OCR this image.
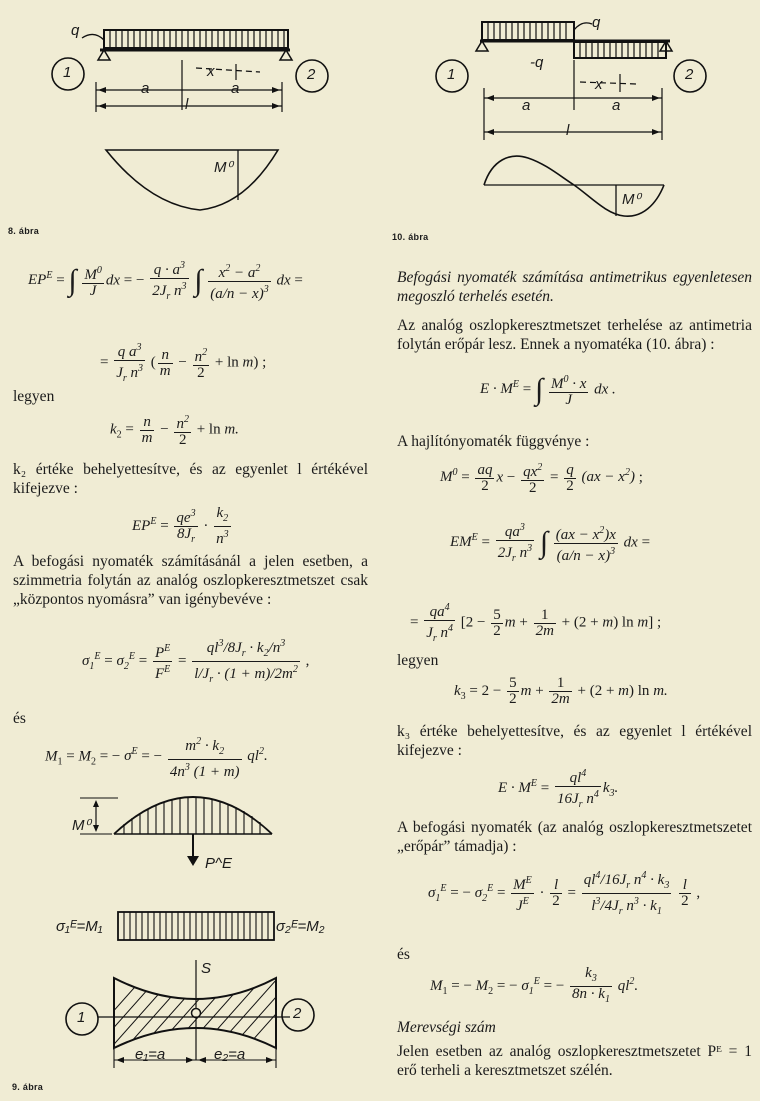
q
x
a	a
l
1	2
M⁰
8. ábra
q
-q
x
a	a
l
1	2
M⁰
10. ábra
$EP^E$ = ∫ $\frac{M^0}{J}$ dx = − $\frac{q \cdot a^3}{2J_r n^3}$ ∫ $\frac{x^2 - a^2}{(a/n - x)^3}$ dx =
= $\frac{q a^3}{J_r n^3}$ ( $\frac{n}{m} - \frac{n^2}{2} + \ln m$) ;
legyen
$k_2 = \frac{n}{m} - \frac{n^2}{2} + \ln m$.
k₂ értéke behelyettesítve, és az egyenlet l értékével kifejezve :
$EP^E = \frac{qe^3}{8J_r} \cdot \frac{k_2}{n^3}$
A befogási nyomaték számításánál a jelen esetben, a szimmetria folytán az analóg oszlopkeresztmetszet csak „központos nyomásra” van igénybevéve :
$\sigma_1^E = \sigma_2^E = \frac{P^E}{F^E} = \frac{ql^3/8J_r \cdot k_2/n^3}{l/J_r \cdot (1 + m)/2m^2}$ ,
és
$M_1 = M_2$ = − $\sigma^E$ = − $\frac{m^2 \cdot k_2}{4n^3 (1 + m)} ql^2$.
M⁰
P^E
σ₁ᴱ=M₁	σ₂ᴱ=M₂
S
1	2
e₁=a	e₂=a
9. ábra
Befogási nyomaték számítása antimetrikus egyenletesen megoszló terhelés esetén.
Az analóg oszlopkeresztmetszet terhelése az antimetria folytán erőpár lesz. Ennek a nyomatéka (10. ábra) :
$E \cdot M^E$ = ∫ $\frac{M^0 \cdot x}{J}$ dx .
A hajlítónyomaték függvénye :
$M^0 = \frac{aq}{2}$ $x - \frac{qx^2}{2} = \frac{q}{2} (ax - x^2)$ ;
$EM^E = \frac{qa^3}{2J_r n^3}$ ∫ $\frac{(ax - x^2)x}{(a/n - x)^3}$ dx =
= $\frac{qa^4}{J_r n^4} [2 - \frac{5}{2}$ $m + \frac{1}{2m} + (2 + m)$ ln m] ;
legyen
$k_3 = 2 - \frac{5}{2}$ $m + \frac{1}{2m} + (2 + m)$ ln m.
k₃ értéke behelyettesítve, és az egyenlet l értékével kifejezve :
$E \cdot M^E = \frac{ql^4}{16J_r n^4} k_3$.
A befogási nyomaték (az analóg oszlopkeresztmetszetet „erőpár” támadja) :
$\sigma_1^E$ = − $\sigma_2^E = \frac{M^E}{J^E} \cdot \frac{l}{2} = \frac{ql^4/16J_r n^4 \cdot k_3}{l^3/4J_r n^3 \cdot k_1}$
$\frac{l}{2}$ ,
és
$M_1$ = − $M_2$ = − $\sigma_1^E$ = − $\frac{k_3}{8n \cdot k_1} ql^2$.
Merevségi szám
Jelen esetben az analóg oszlopkeresztmetszetet Pᴱ = 1 erő terheli a keresztmetszet szélén.
